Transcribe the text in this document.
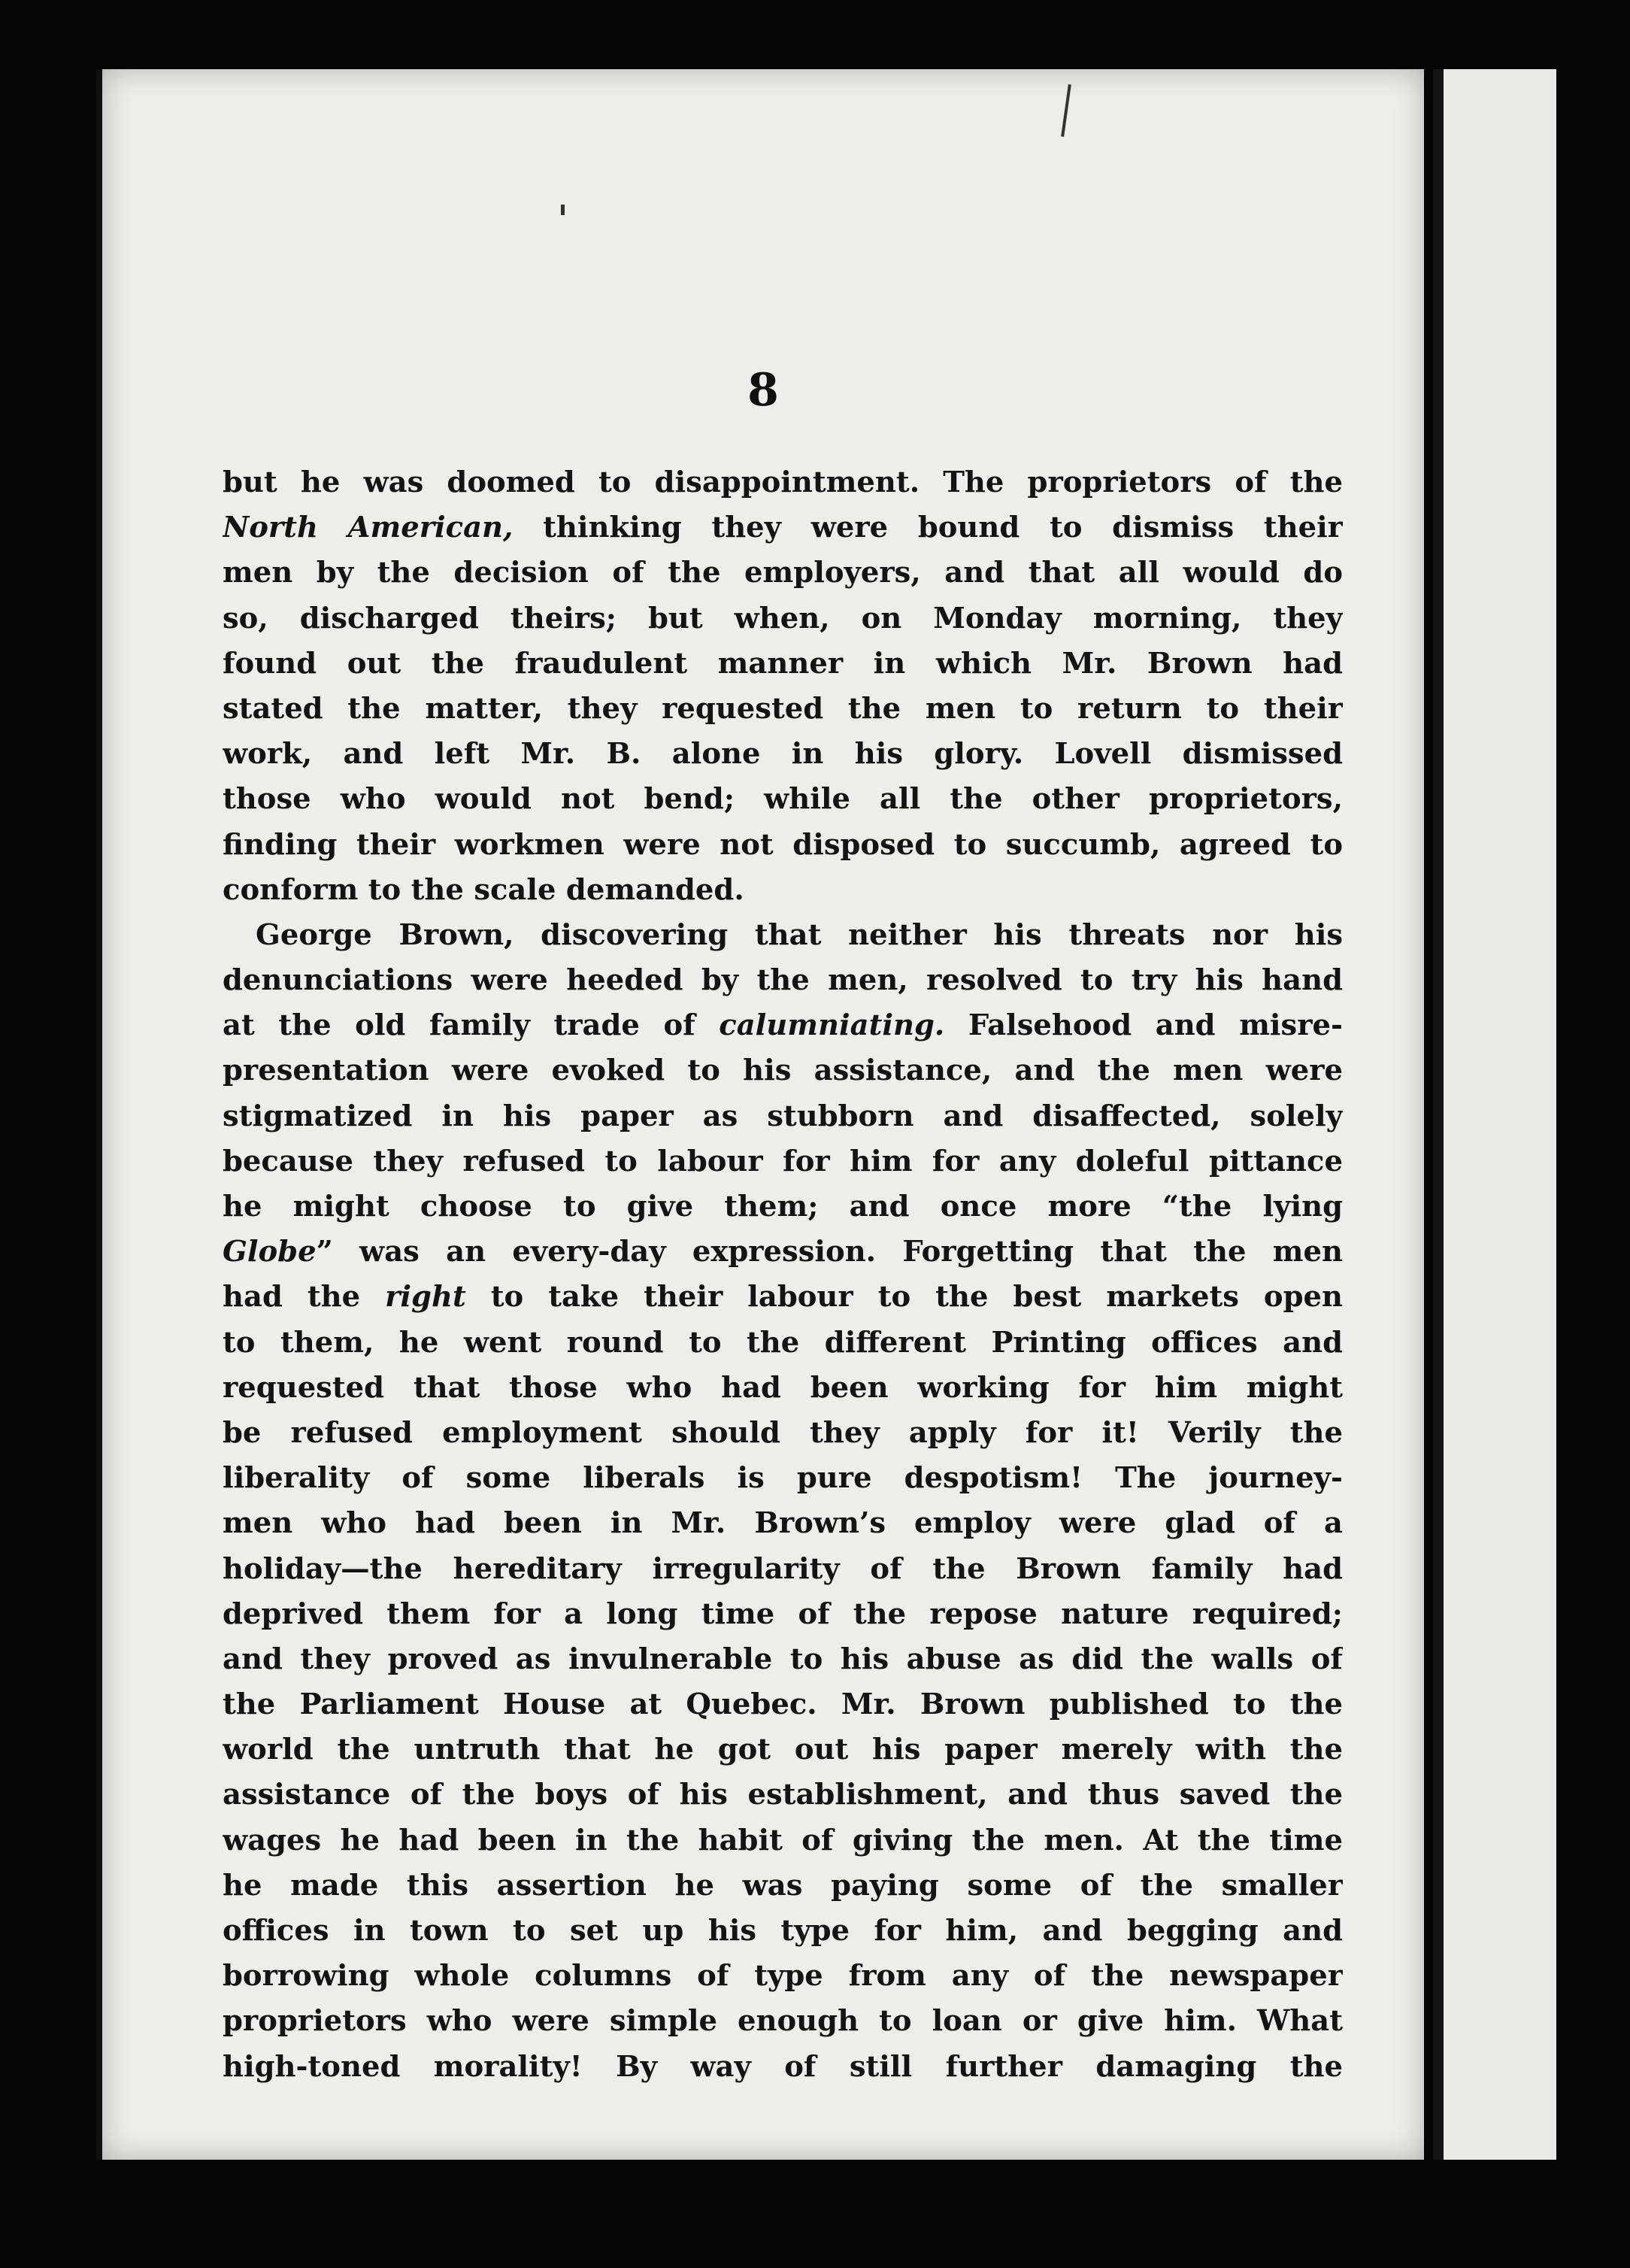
8
but he was doomed to disappointment. The proprietors of the
North American, thinking they were bound to dismiss their
men by the decision of the employers, and that all would do
so, discharged theirs; but when, on Monday morning, they
found out the fraudulent manner in which Mr. Brown had
stated the matter, they requested the men to return to their
work, and left Mr. B. alone in his glory. Lovell dismissed
those who would not bend; while all the other proprietors,
finding their workmen were not disposed to succumb, agreed to
conform to the scale demanded.
George Brown, discovering that neither his threats nor his
denunciations were heeded by the men, resolved to try his hand
at the old family trade of calumniating. Falsehood and misre-
presentation were evoked to his assistance, and the men were
stigmatized in his paper as stubborn and disaffected, solely
because they refused to labour for him for any doleful pittance
he might choose to give them; and once more “the lying
Globe” was an every-day expression. Forgetting that the men
had the right to take their labour to the best markets open
to them, he went round to the different Printing offices and
requested that those who had been working for him might
be refused employment should they apply for it! Verily the
liberality of some liberals is pure despotism! The journey-
men who had been in Mr. Brown’s employ were glad of a
holiday—the hereditary irregularity of the Brown family had
deprived them for a long time of the repose nature required;
and they proved as invulnerable to his abuse as did the walls of
the Parliament House at Quebec. Mr. Brown published to the
world the untruth that he got out his paper merely with the
assistance of the boys of his establishment, and thus saved the
wages he had been in the habit of giving the men. At the time
he made this assertion he was paying some of the smaller
offices in town to set up his type for him, and begging and
borrowing whole columns of type from any of the newspaper
proprietors who were simple enough to loan or give him. What
high-toned morality! By way of still further damaging the
